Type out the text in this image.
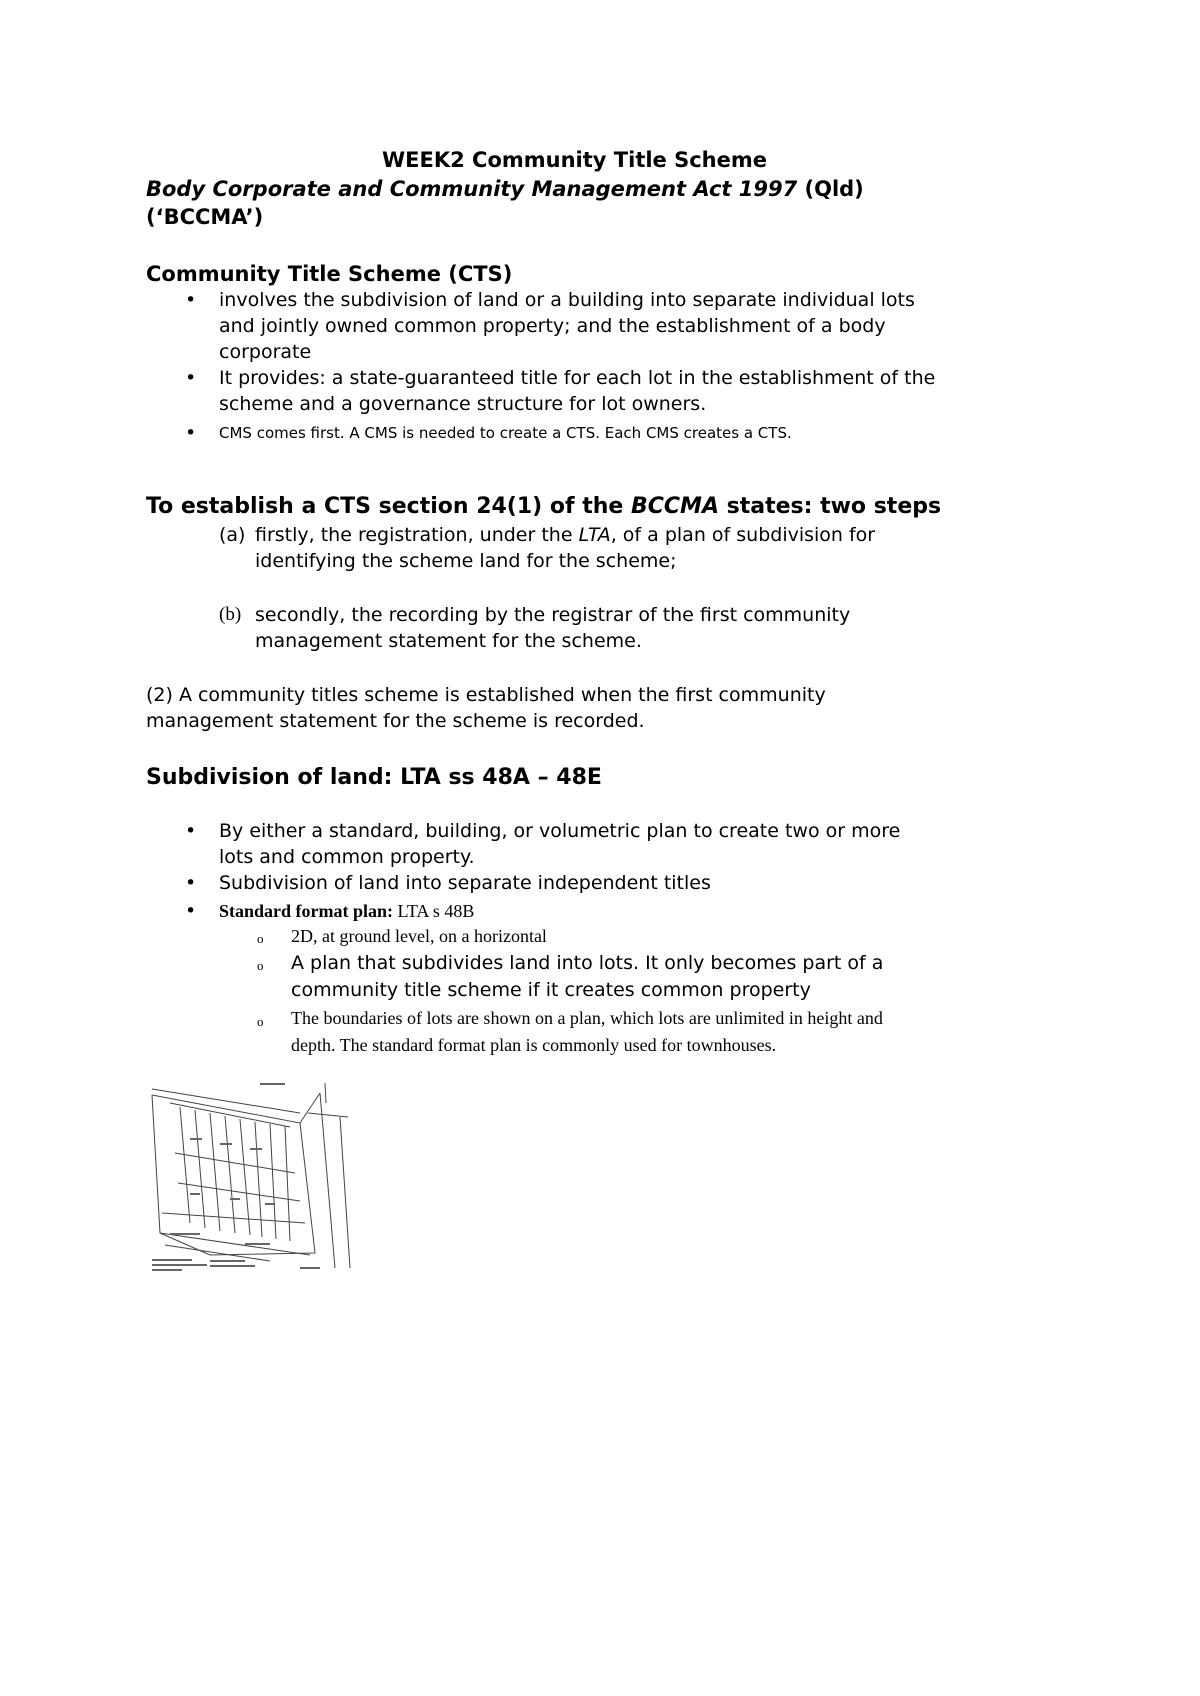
WEEK2 Community Title Scheme
Body Corporate and Community Management Act 1997 (Qld)
(‘BCCMA’)
Community Title Scheme (CTS)
• involves the subdivision of land or a building into separate individual lots
and jointly owned common property; and the establishment of a body
corporate
• It provides: a state-guaranteed title for each lot in the establishment of the
scheme and a governance structure for lot owners.
• CMS comes first. A CMS is needed to create a CTS. Each CMS creates a CTS.
To establish a CTS section 24(1) of the BCCMA states: two steps
(a) firstly, the registration, under the LTA, of a plan of subdivision for
identifying the scheme land for the scheme;
(b) secondly, the recording by the registrar of the first community
management statement for the scheme.
(2) A community titles scheme is established when the first community
management statement for the scheme is recorded.
Subdivision of land: LTA ss 48A – 48E
• By either a standard, building, or volumetric plan to create two or more
lots and common property.
• Subdivision of land into separate independent titles
• Standard format plan: LTA s 48B
o 2D, at ground level, on a horizontal
o A plan that subdivides land into lots. It only becomes part of a
community title scheme if it creates common property
o The boundaries of lots are shown on a plan, which lots are unlimited in height and
depth. The standard format plan is commonly used for townhouses.
